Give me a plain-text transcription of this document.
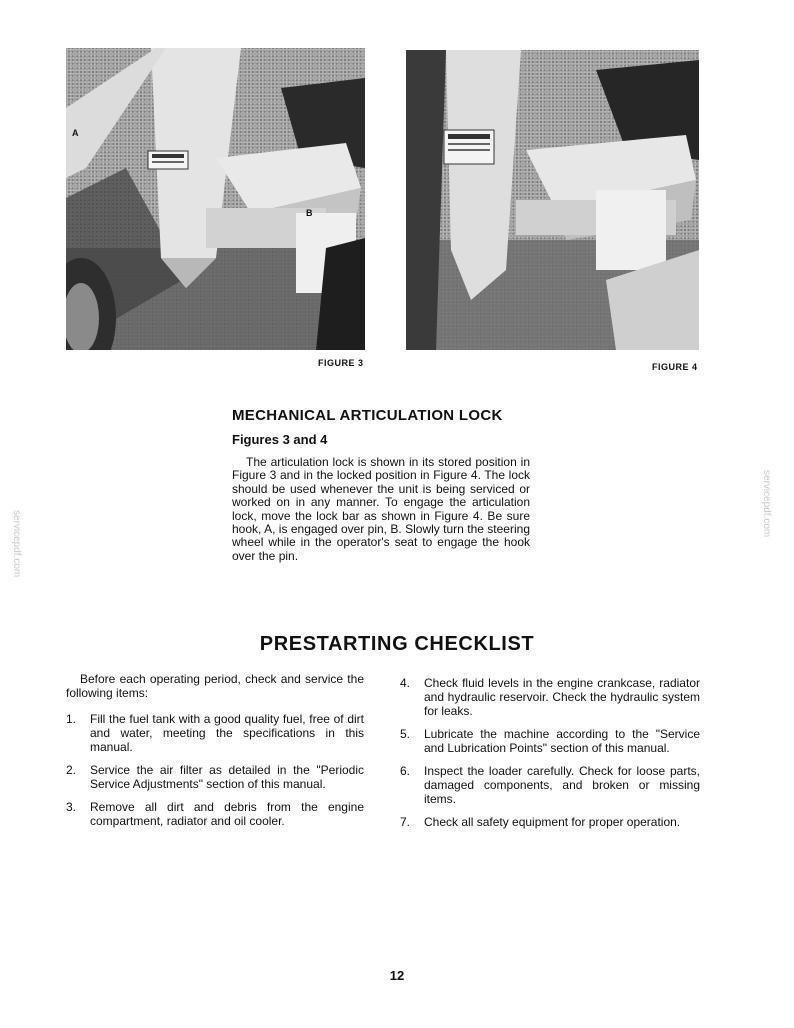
A
B
FIGURE 3	FIGURE 4
MECHANICAL ARTICULATION LOCK
Figures 3 and 4
The articulation lock is shown in its stored position in Figure 3 and in the locked position in Figure 4. The lock should be used whenever the unit is being serviced or worked on in any manner. To engage the articulation lock, move the lock bar as shown in Figure 4. Be sure hook, A, is engaged over pin, B. Slowly turn the steering wheel while in the operator's seat to engage the hook over the pin.
PRESTARTING CHECKLIST
Before each operating period, check and service the following items:
1. Fill the fuel tank with a good quality fuel, free of dirt and water, meeting the specifications in this manual.
2. Service the air filter as detailed in the "Periodic Service Adjustments" section of this manual.
3. Remove all dirt and debris from the engine compartment, radiator and oil cooler.
4. Check fluid levels in the engine crankcase, radiator and hydraulic reservoir. Check the hydraulic system for leaks.
5. Lubricate the machine according to the "Service and Lubrication Points" section of this manual.
6. Inspect the loader carefully. Check for loose parts, damaged components, and broken or missing items.
7. Check all safety equipment for proper operation.
servicepdf.com
servicepdf.com
12
